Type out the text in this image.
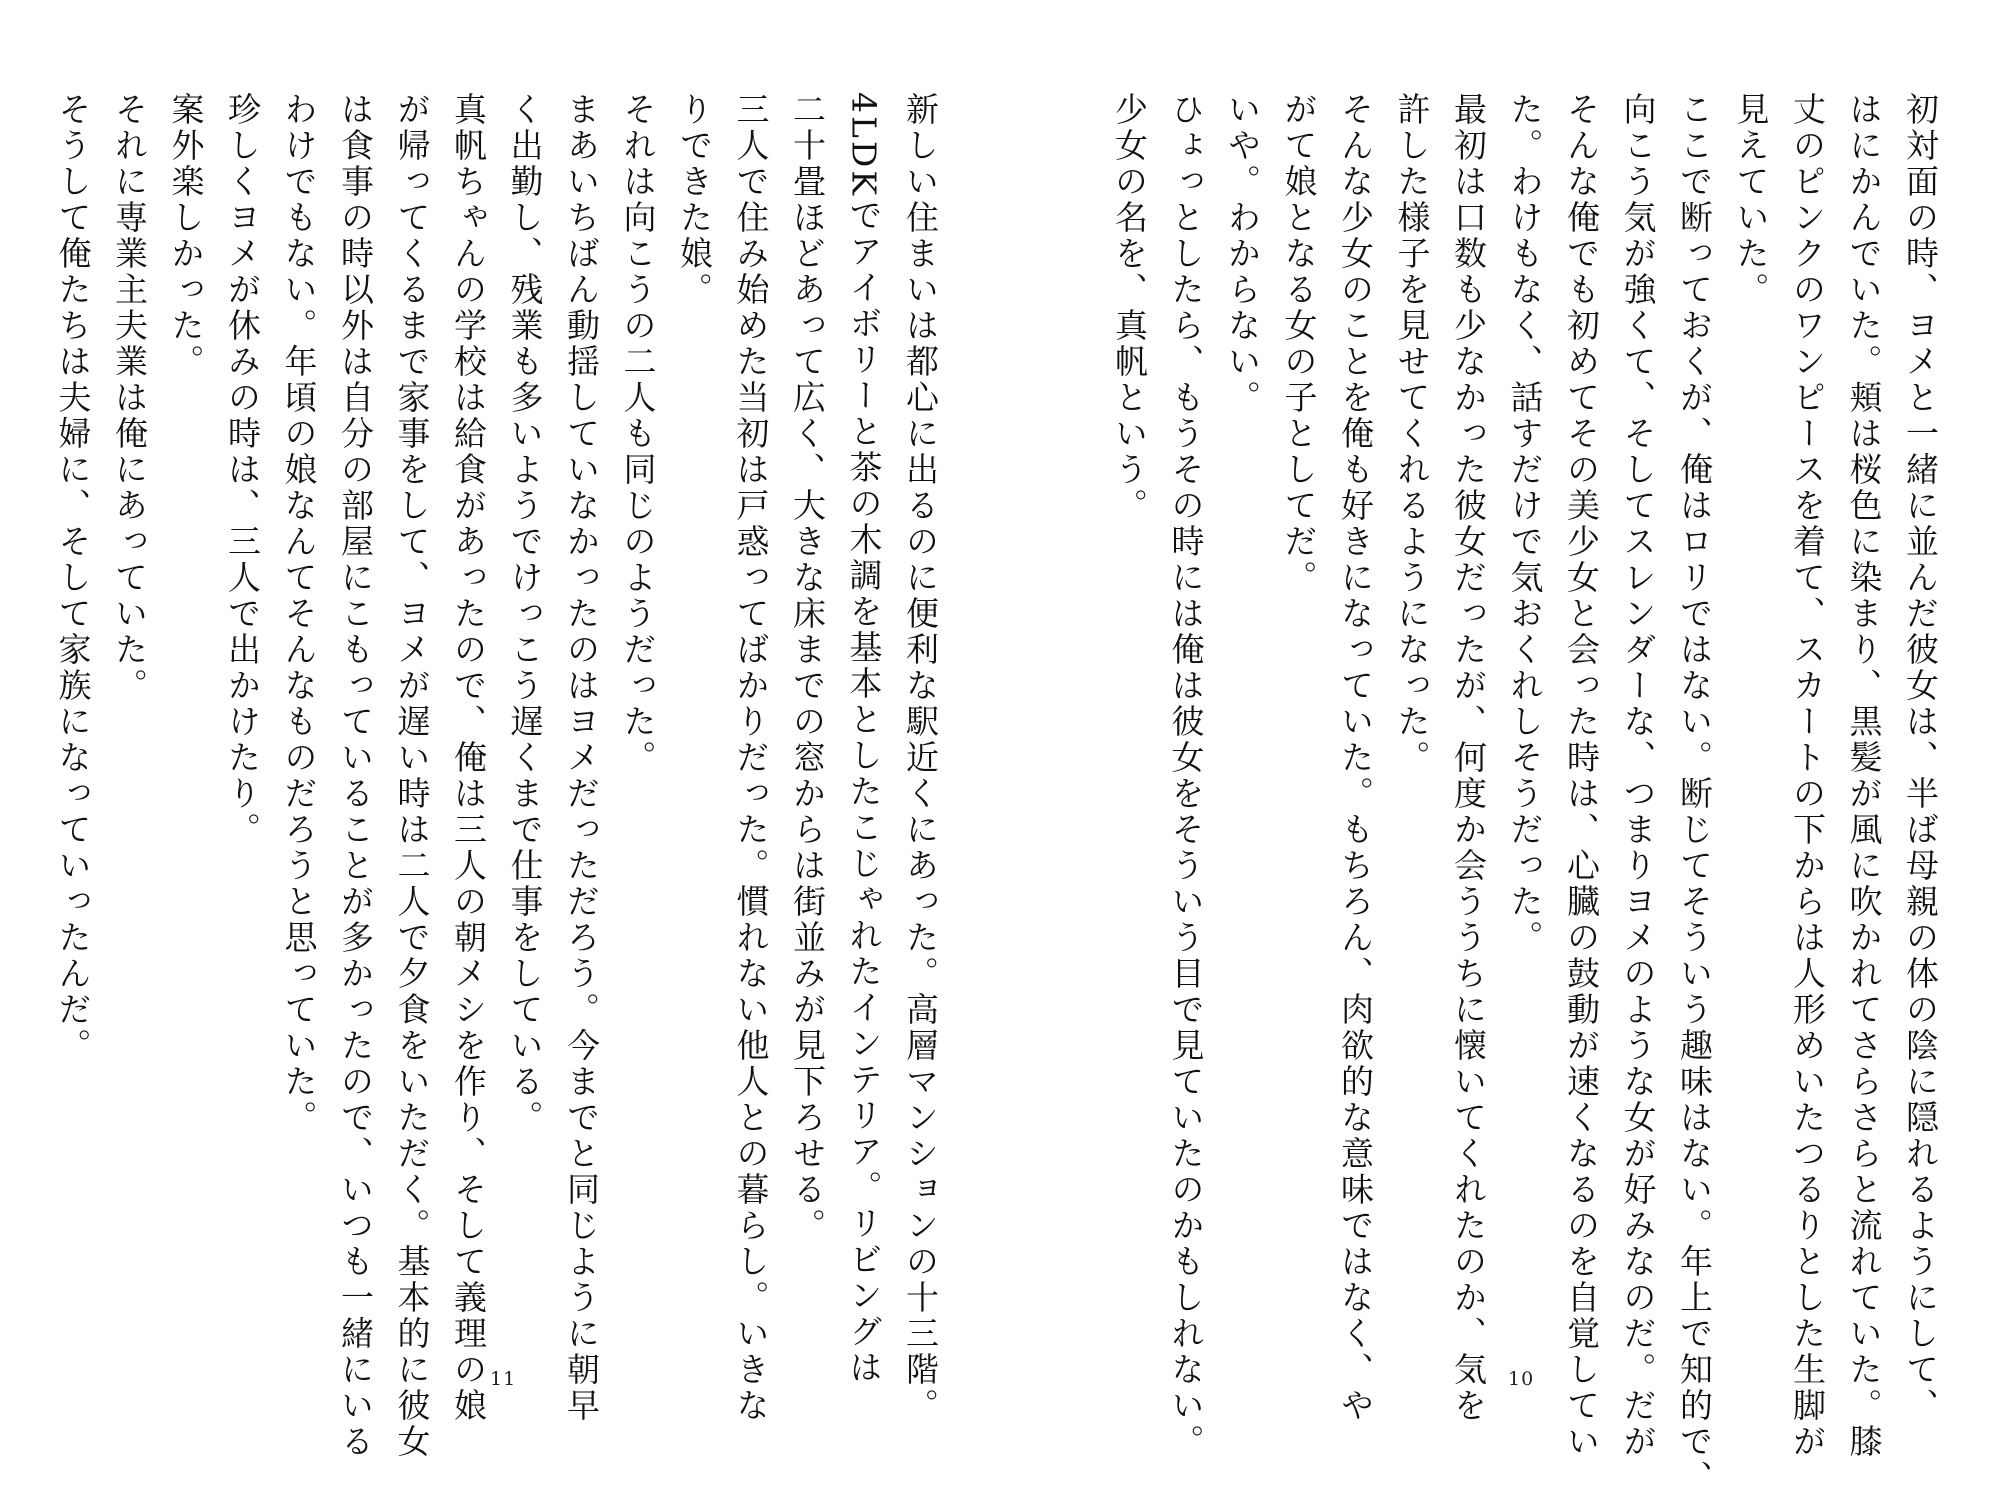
新しい住まいは都心に出るのに便利な駅近くにあった。高層マンションの十三階。
4LDKでアイボリーと茶の木調を基本としたこじゃれたインテリア。リビングは
二十畳ほどあって広く、大きな床までの窓からは街並みが見下ろせる。
三人で住み始めた当初は戸惑ってばかりだった。慣れない他人との暮らし。いきな
りできた娘。
それは向こうの二人も同じのようだった。
まあいちばん動揺していなかったのはヨメだっただろう。今までと同じように朝早
く出勤し、残業も多いようでけっこう遅くまで仕事をしている。
真帆ちゃんの学校は給食があったので、俺は三人の朝メシを作り、そして義理の娘
が帰ってくるまで家事をして、ヨメが遅い時は二人で夕食をいただく。基本的に彼女
は食事の時以外は自分の部屋にこもっていることが多かったので、いつも一緒にいる
わけでもない。年頃の娘なんてそんなものだろうと思っていた。
珍しくヨメが休みの時は、三人で出かけたり。
案外楽しかった。
それに専業主夫業は俺にあっていた。
そうして俺たちは夫婦に、そして家族になっていったんだ。
11	初対面の時、ヨメと一緒に並んだ彼女は、半ば母親の体の陰に隠れるようにして、
はにかんでいた。頬は桜色に染まり、黒髪が風に吹かれてさらさらと流れていた。膝
丈のピンクのワンピースを着て、スカートの下からは人形めいたつるりとした生脚が
見えていた。
ここで断っておくが、俺はロリではない。断じてそういう趣味はない。年上で知的で、
向こう気が強くて、そしてスレンダーな、つまりヨメのような女が好みなのだ。だが
そんな俺でも初めてその美少女と会った時は、心臓の鼓動が速くなるのを自覚してい
た。わけもなく、話すだけで気おくれしそうだった。
最初は口数も少なかった彼女だったが、何度か会ううちに懐いてくれたのか、気を
許した様子を見せてくれるようになった。
そんな少女のことを俺も好きになっていた。もちろん、肉欲的な意味ではなく、や
がて娘となる女の子としてだ。
いや。わからない。
ひょっとしたら、もうその時には俺は彼女をそういう目で見ていたのかもしれない。
少女の名を、真帆という。
10
